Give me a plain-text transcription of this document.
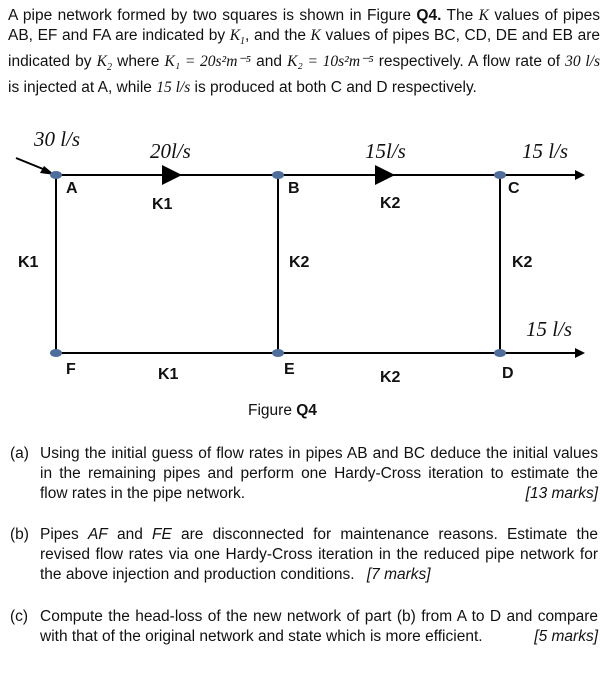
A pipe network formed by two squares is shown in Figure Q4. The K values of pipes AB, EF and FA are indicated by $K_1$, and the K values of pipes BC, CD, DE and EB are indicated by $K_2$ where K₁ = 20s²m⁻⁵ and K₂ = 10s²m⁻⁵ respectively. A flow rate of 30 l/s is injected at A, while 15 l/s is produced at both C and D respectively.
30 l/s	20l/s	15l/s	15 l/s
15 l/s
A	B	C
F	E	D
K1
K1
K1
K2
K2
K2
K2
Figure Q4
(a) Using the initial guess of flow rates in pipes AB and BC deduce the initial values in the remaining pipes and perform one Hardy-Cross iteration to estimate the flow rates in the pipe network.	[13 marks]
(b) Pipes AF and FE are disconnected for maintenance reasons. Estimate the revised flow rates via one Hardy-Cross iteration in the reduced pipe network for the above injection and production conditions. [7 marks]
(c) Compute the head-loss of the new network of part (b) from A to D and compare with that of the original network and state which is more efficient.	[5 marks]
